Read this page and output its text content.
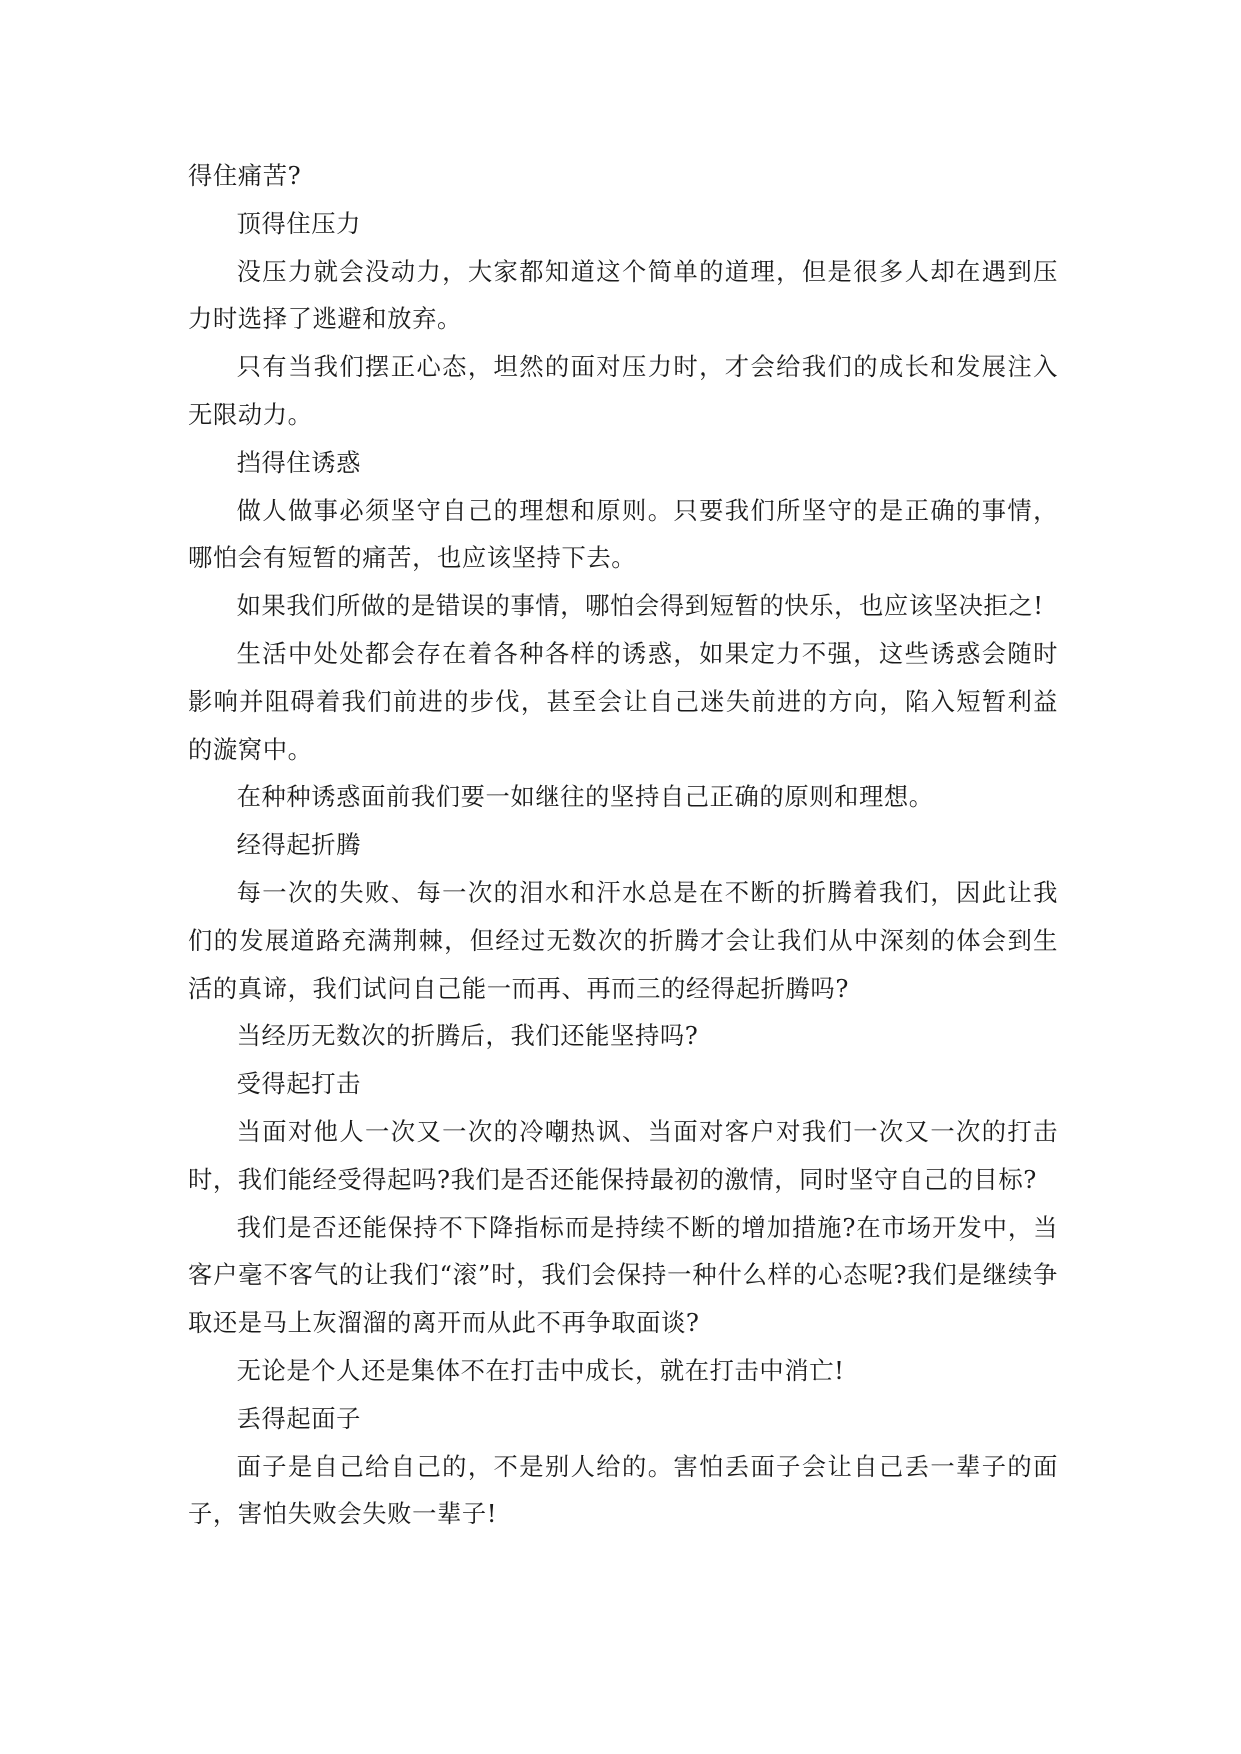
得住痛苦?

顶得住压力

没压力就会没动力，大家都知道这个简单的道理，但是很多人却在遇到压力时选择了逃避和放弃。

只有当我们摆正心态，坦然的面对压力时，才会给我们的成长和发展注入无限动力。

挡得住诱惑

做人做事必须坚守自己的理想和原则。只要我们所坚守的是正确的事情，哪怕会有短暂的痛苦，也应该坚持下去。

如果我们所做的是错误的事情，哪怕会得到短暂的快乐，也应该坚决拒之!

生活中处处都会存在着各种各样的诱惑，如果定力不强，这些诱惑会随时影响并阻碍着我们前进的步伐，甚至会让自己迷失前进的方向，陷入短暂利益的漩窝中。

在种种诱惑面前我们要一如继往的坚持自己正确的原则和理想。

经得起折腾

每一次的失败、每一次的泪水和汗水总是在不断的折腾着我们，因此让我们的发展道路充满荆棘，但经过无数次的折腾才会让我们从中深刻的体会到生活的真谛，我们试问自己能一而再、再而三的经得起折腾吗?

当经历无数次的折腾后，我们还能坚持吗?

受得起打击

当面对他人一次又一次的冷嘲热讽、当面对客户对我们一次又一次的打击时，我们能经受得起吗?我们是否还能保持最初的激情，同时坚守自己的目标?

我们是否还能保持不下降指标而是持续不断的增加措施?在市场开发中，当客户毫不客气的让我们“滚”时，我们会保持一种什么样的心态呢?我们是继续争取还是马上灰溜溜的离开而从此不再争取面谈?

无论是个人还是集体不在打击中成长，就在打击中消亡!

丢得起面子

面子是自己给自己的，不是别人给的。害怕丢面子会让自己丢一辈子的面子，害怕失败会失败一辈子!
